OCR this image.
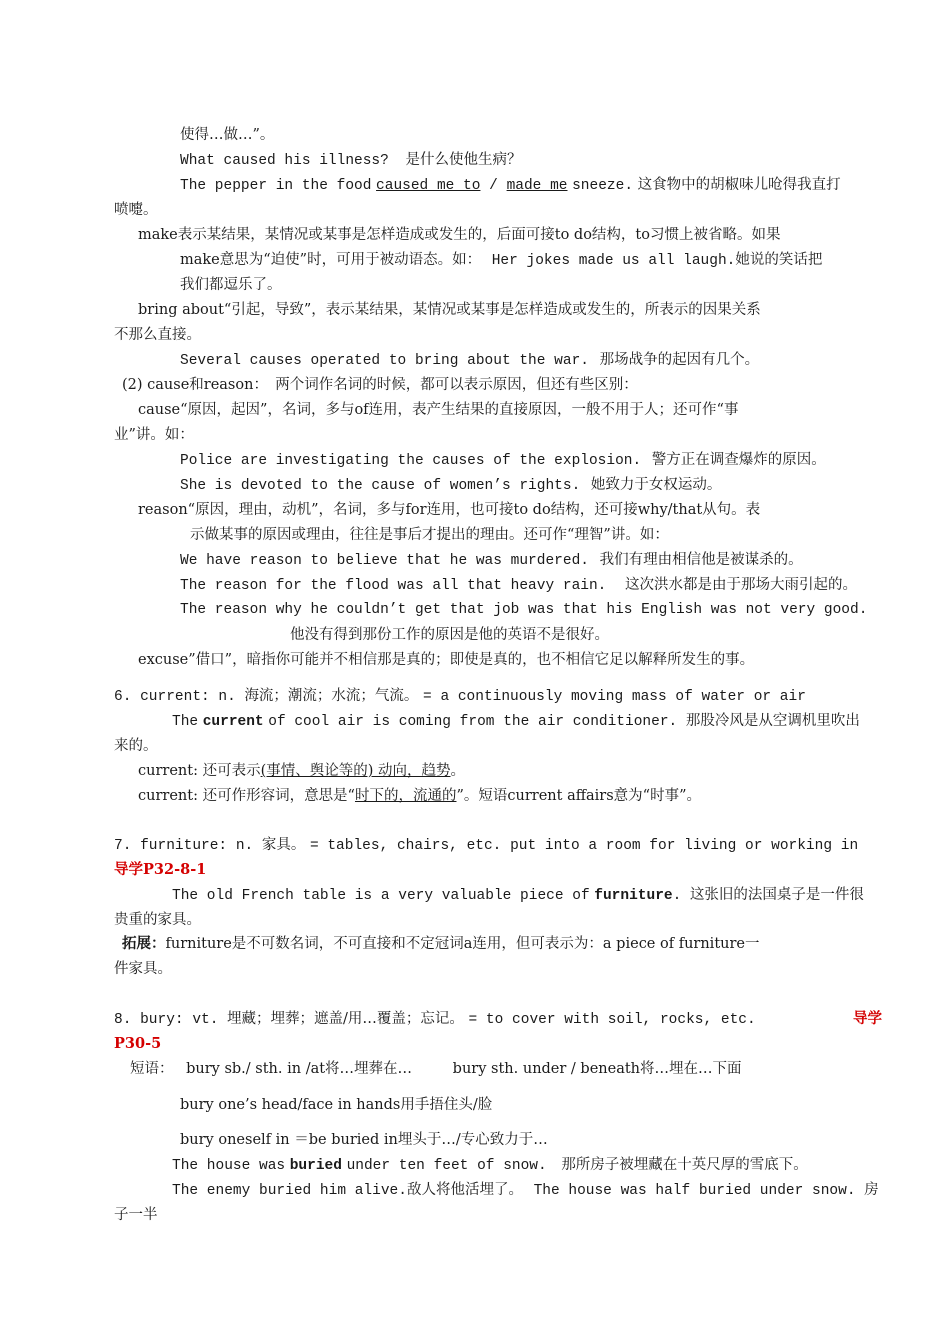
使得…做…”。
What caused his illness? 是什么使他生病？
The pepper in the food caused me to / made me sneeze. 这食物中的胡椒味儿呛得我直打
喷嚏。
make表示某结果，某情况或某事是怎样造成或发生的，后面可接to do结构，to习惯上被省略。如果
make意思为“迫使”时，可用于被动语态。如： Her jokes made us all laugh.她说的笑话把
我们都逗乐了。
bring about“引起，导致”，表示某结果，某情况或某事是怎样造成或发生的，所表示的因果关系
不那么直接。
Several causes operated to bring about the war. 那场战争的起因有几个。
(2) cause和reason：　两个词作名词的时候，都可以表示原因，但还有些区别：
cause“原因，起因”，名词，多与of连用，表产生结果的直接原因，一般不用于人；还可作“事
业”讲。如：
Police are investigating the causes of the explosion. 警方正在调查爆炸的原因。
She is devoted to the cause of women’s rights. 她致力于女权运动。
reason“原因，理由，动机”，名词，多与for连用，也可接to do结构，还可接why/that从句。表
示做某事的原因或理由，往往是事后才提出的理由。还可作“理智”讲。如：
We have reason to believe that he was murdered. 我们有理由相信他是被谋杀的。
The reason for the flood was all that heavy rain. 这次洪水都是由于那场大雨引起的。
The reason why he couldn’t get that job was that his English was not very good.
他没有得到那份工作的原因是他的英语不是很好。
excuse”借口”，暗指你可能并不相信那是真的；即使是真的，也不相信它足以解释所发生的事。
6. current: n. 海流；潮流；水流；气流。 = a continuously moving mass of water or air
The current of cool air is coming from the air conditioner. 那股冷风是从空调机里吹出
来的。
current: 还可表示(事情、舆论等的) 动向，趋势。
current: 还可作形容词，意思是“时下的，流通的”。短语current affairs意为“时事”。
7. furniture: n. 家具。 = tables, chairs, etc. put into a room for living or working in
导学P32-8-1
The old French table is a very valuable piece of furniture. 这张旧的法国桌子是一件很
贵重的家具。
拓展：furniture是不可数名词，不可直接和不定冠词a连用，但可表示为：a piece of furniture一
件家具。
8. bury: vt. 埋藏；埋葬；遮盖/用…覆盖；忘记。 = to cover with soil, rocks, etc.	导学
P30-5
短语： bury sb./ sth. in /at将…埋葬在…	bury sth. under / beneath将…埋在…下面
bury one’s head/face in hands用手捂住头/脸
bury oneself in ＝be buried in埋头于…/专心致力于…
The house was buried under ten feet of snow. 那所房子被埋藏在十英尺厚的雪底下。
The enemy buried him alive.敌人将他活埋了。 The house was half buried under snow. 房
子一半
